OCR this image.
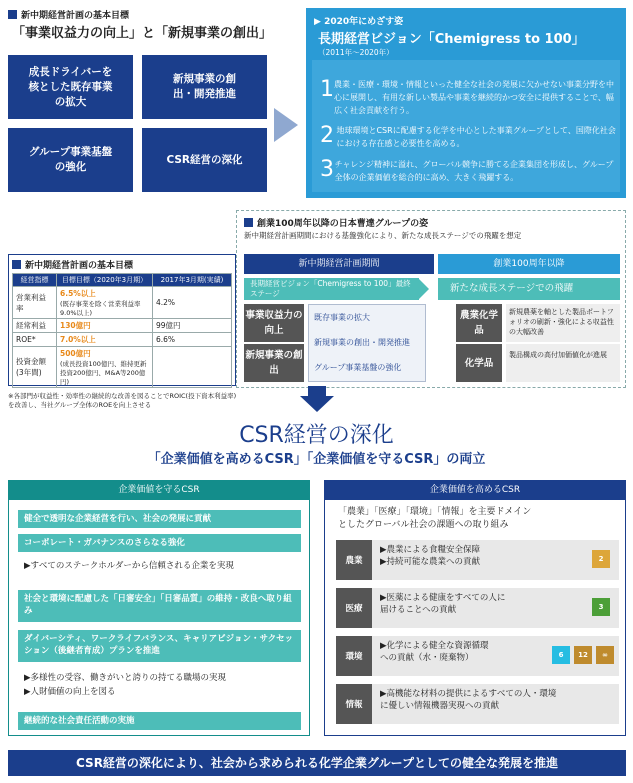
新中期経営計画の基本目標
「事業収益力の向上」と「新規事業の創出」
成長ドライバーを核とした既存事業の拡大
新規事業の創出・開発推進
グループ事業基盤の強化
CSR経営の深化
▶ 2020年にめざす姿
長期経営ビジョン「Chemigress to 100」
（2011年〜2020年）
1 農業・医療・環境・情報といった健全な社会の発展に欠かせない事業分野を中心に展開し、有用な新しい製品や事業を継続的かつ安全に提供することで、幅広く社会貢献を行う。
2 地球環境とCSRに配慮する化学を中心とした事業グループとして、国際化社会における存在感と必要性を高める。
3 チャレンジ精神に溢れ、グローバル競争に勝てる企業集団を形成し、グループ全体の企業価値を総合的に高め、大きく飛躍する。
創業100周年以降の日本曹達グループの姿
新中期経営計画期間における基盤強化により、新たな成長ステージでの飛躍を想定
新中期経営計画期間	創業100周年以降
長期経営ビジョン「Chemigress to 100」最終ステージ	新たな成長ステージでの飛躍
事業収益力の向上
新規事業の創出
既存事業の拡大
新規事業の創出・開発推進
グループ事業基盤の強化
農業化学品
新規農薬を軸とした製品ポートフォリオの刷新・強化による収益性の大幅改善
化学品
製品構成の高付加価値化が進展
新中期経営計画の基本目標
経営指標	目標目標（2020年3月期）	2017年3月期(実績)
営業利益率	6.5%以上
(既存事業を除く営業利益率9.0%以上)	4.2%
経常利益	130億円	99億円
ROE*	7.0%以上	6.6%
投資金額(3年間)	500億円
(成長投資100億円、維持更新投資200億円、M&A等200億円)	

※各部門が収益性・効率性の継続的な改善を図ることでROIC(投下資本利益率)を改善し、当社グループ全体のROEを向上させる
CSR経営の深化
「企業価値を高めるCSR」「企業価値を守るCSR」の両立
企業価値を守るCSR
健全で透明な企業経営を行い、社会の発展に貢献
コーポレート・ガバナンスのさらなる強化
▶すべてのステークホルダーから信頼される企業を実現
社会と環境に配慮した「日審安全」「日審品質」の維持・改良へ取り組み
ダイバーシティ、ワークライフバランス、キャリアビジョン・サクセッション（後継者育成）プランを推進
▶多様性の受容、働きがいと誇りの持てる職場の実現
▶人財価値の向上を図る
継続的な社会責任活動の実施
企業価値を高めるCSR
「農業」「医療」「環境」「情報」を主要ドメインとしたグローバル社会の課題への取り組み
農業
▶農業による食糧安全保障
▶持続可能な農業への貢献	2
医療
▶医薬による健康をすべての人に
届けることへの貢献	3
環境
▶化学による健全な資源循環
への貢献（水・廃棄物）	6	12	∞
情報
▶高機能な材料の提供によるすべての人・環境
に優しい情報機器実現への貢献
CSR経営の深化により、社会から求められる化学企業グループとしての健全な発展を推進
